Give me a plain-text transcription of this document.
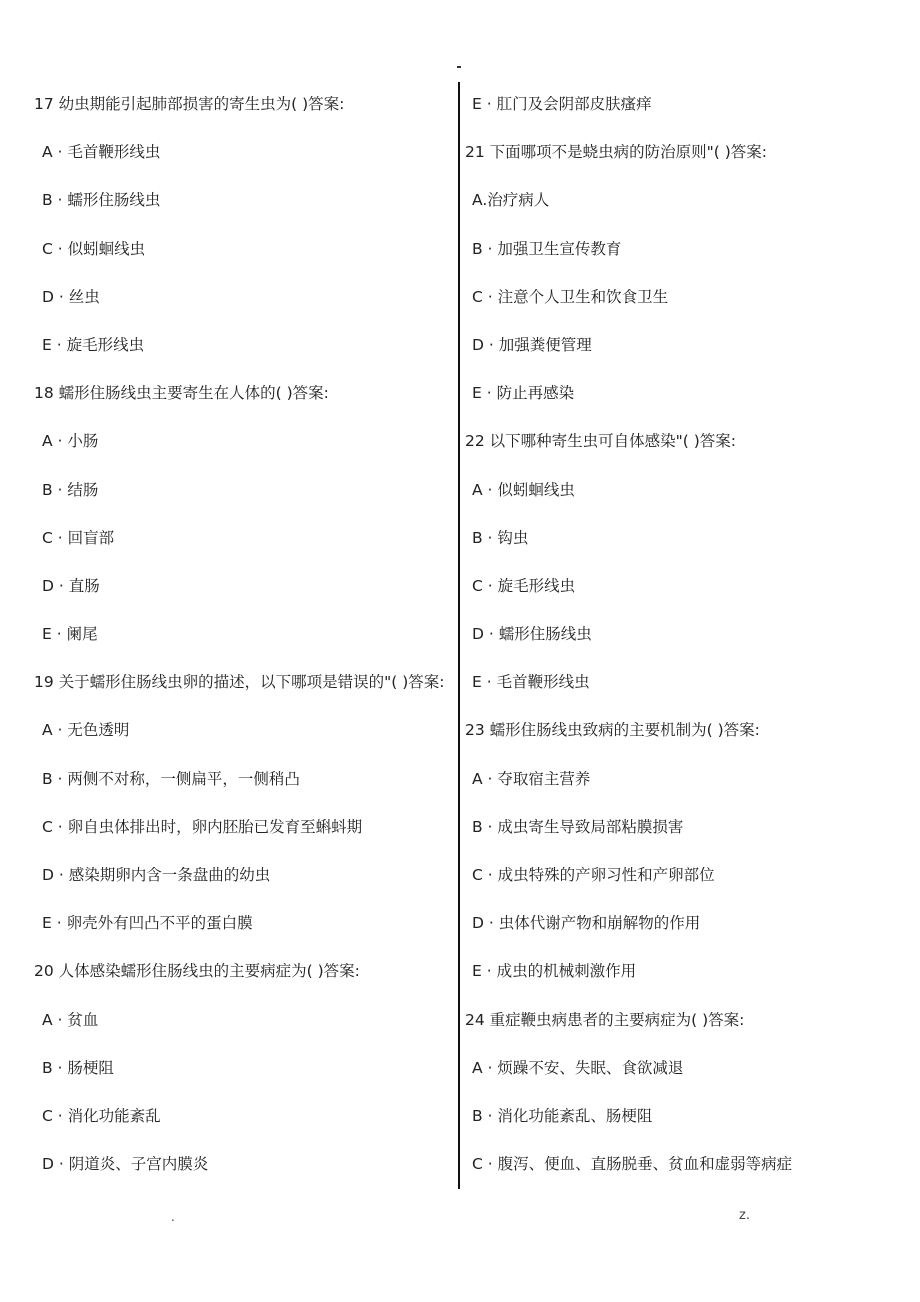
17 幼虫期能引起肺部损害的寄生虫为( )答案:
A · 毛首鞭形线虫
B · 蠕形住肠线虫
C · 似蚓蛔线虫
D · 丝虫
E · 旋毛形线虫
18 蠕形住肠线虫主要寄生在人体的( )答案:
A · 小肠
B · 结肠
C · 回盲部
D · 直肠
E · 阑尾
19 关于蠕形住肠线虫卵的描述，以下哪项是错误的"( )答案:
A · 无色透明
B · 两侧不对称，一侧扁平，一侧稍凸
C · 卵自虫体排出时，卵内胚胎已发育至蝌蚪期
D · 感染期卵内含一条盘曲的幼虫
E · 卵壳外有凹凸不平的蛋白膜
20 人体感染蠕形住肠线虫的主要病症为( )答案:
A · 贫血
B · 肠梗阻
C · 消化功能紊乱
D · 阴道炎、子宫内膜炎
E · 肛门及会阴部皮肤瘙痒
21 下面哪项不是蛲虫病的防治原则"( )答案:
A.治疗病人
B · 加强卫生宣传教育
C · 注意个人卫生和饮食卫生
D · 加强粪便管理
E · 防止再感染
22 以下哪种寄生虫可自体感染"( )答案:
A · 似蚓蛔线虫
B · 钩虫
C · 旋毛形线虫
D · 蠕形住肠线虫
E · 毛首鞭形线虫
23 蠕形住肠线虫致病的主要机制为( )答案:
A · 夺取宿主营养
B · 成虫寄生导致局部粘膜损害
C · 成虫特殊的产卵习性和产卵部位
D · 虫体代谢产物和崩解物的作用
E · 成虫的机械刺激作用
24 重症鞭虫病患者的主要病症为( )答案:
A · 烦躁不安、失眠、食欲减退
B · 消化功能紊乱、肠梗阻
C · 腹泻、便血、直肠脱垂、贫血和虚弱等病症
.	z.
